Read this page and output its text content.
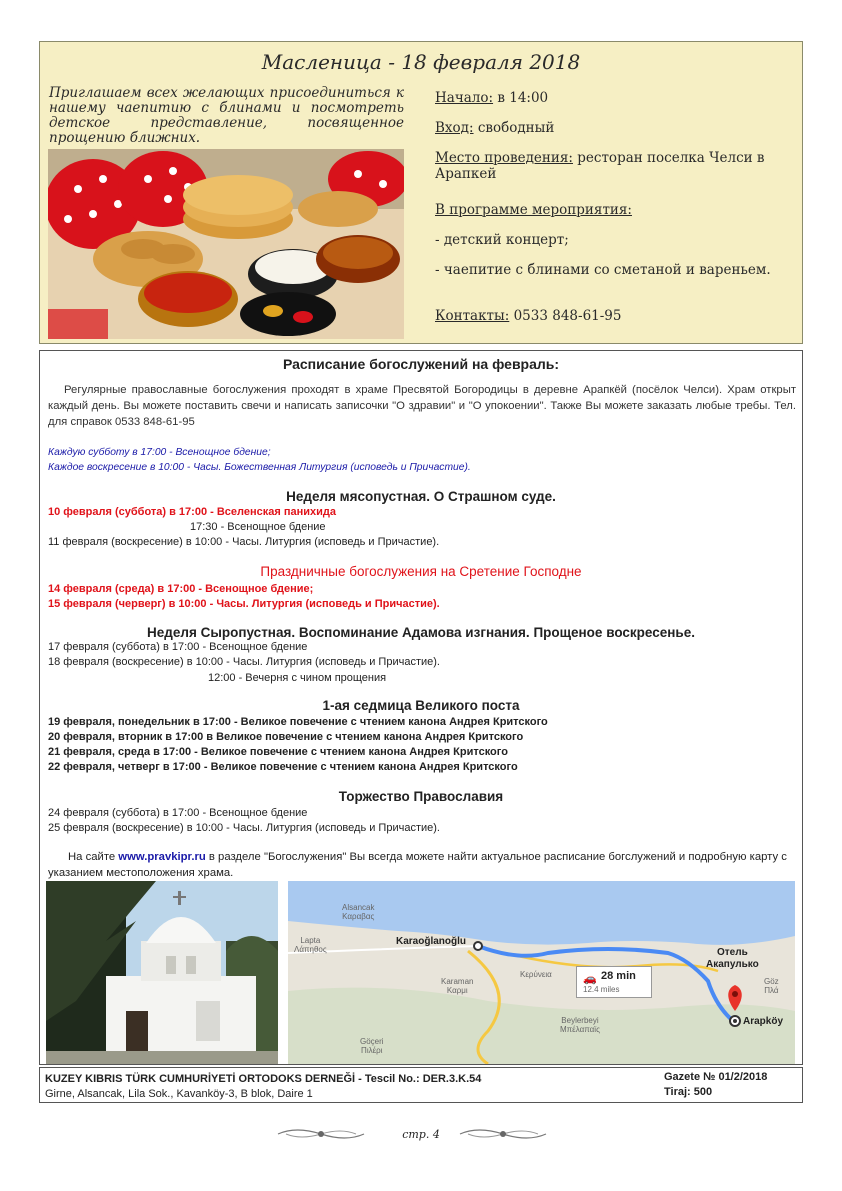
Масленица - 18 февраля 2018
Приглашаем всех желающих присоединиться к нашему чаепитию с блинами и посмотреть детское представление, посвященное прощению ближних.
Начало: в 14:00
Вход: свободный
Место проведения: ресторан поселка Челси в Арапкей
В программе мероприятия:
- детский концерт;
- чаепитие с блинами со сметаной и вареньем.
Контакты: 0533 848-61-95
Расписание богослужений на февраль:
Регулярные православные богослужения проходят в храме Пресвятой Богородицы в деревне Арапкёй (посёлок Челси). Храм открыт каждый день. Вы можете поставить свечи и написать записочки "О здравии" и "О упокоении". Также Вы можете заказать любые требы. Тел. для справок 0533 848-61-95
Каждую субботу в 17:00 - Всенощное бдение;
Каждое воскресение в 10:00 - Часы. Божественная Литургия (исповедь и Причастие).
Неделя мясопустная. О Страшном суде.
10 февраля (суббота) в 17:00 - Вселенская панихида
17:30 - Всенощное бдение
11 февраля (воскресение) в 10:00 - Часы. Литургия (исповедь и Причастие).
Праздничные богослужения на Сретение Господне
14 февраля (среда) в 17:00 - Всенощное бдение;
15 февраля (черверг) в 10:00 - Часы. Литургия (исповедь и Причастие).
Неделя Сыропустная. Воспоминание Адамова изгнания. Прощеное воскресенье.
17 февраля (суббота) в 17:00 - Всенощное бдение
18 февраля (воскресение) в 10:00 - Часы. Литургия (исповедь и Причастие).
12:00 - Вечерня с чином прощения
1-ая седмица Великого поста
19 февраля, понедельник в 17:00 - Великое повечение с чтением канона Андрея Критского
20 февраля, вторник в 17:00 в Великое повечение с чтением канона Андрея Критского
21 февраля, среда в 17:00 - Великое повечение с чтением канона Андрея Критского
22 февраля, четверг в 17:00 - Великое повечение с чтением канона Андрея Критского
Торжество Православия
24 февраля (суббота) в 17:00 - Всенощное бдение
25 февраля (воскресение) в 10:00 - Часы. Литургия (исповедь и Причастие).
На сайте www.pravkipr.ru в разделе "Богослужения" Вы всегда можете найти актуальное расписание богслужений и подробную карту с указанием местоположения храма.
Alsancak
Καραβας
Lapta
Λάπηθος
Karaoğlanoğlu
Κερύνεια
Karaman
Καρμι
Beylerbeyi
Μπέλαπαϊς
Göçeri
Πιλέρι
Отель
Акапулько
Arapköy
Göz
Πλά
🚗 28 min
12.4 miles
KUZEY KIBRIS TÜRK CUMHURİYETİ ORTODOKS DERNEĞİ - Tescil No.: DER.3.K.54
Girne, Alsancak, Lila Sok., Kavanköy-3, B blok, Daire 1
Gazete № 01/2/2018
Tiraj: 500
стр. 4
